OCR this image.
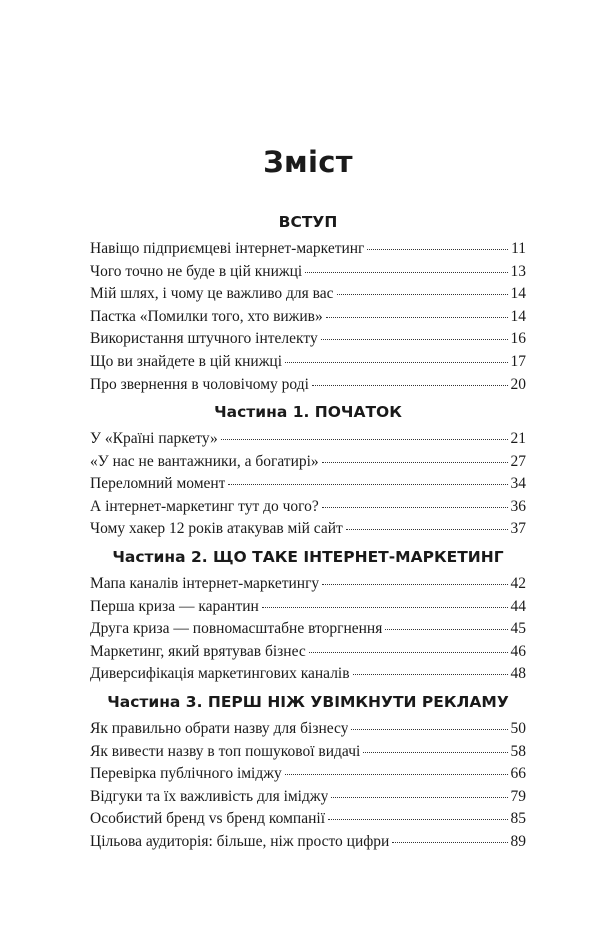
Зміст
ВСТУП
Навіщо підприємцеві інтернет-маркетинг	11
Чого точно не буде в цій книжці	13
Мій шлях, і чому це важливо для вас	14
Пастка «Помилки того, хто вижив»	14
Використання штучного інтелекту	16
Що ви знайдете в цій книжці	17
Про звернення в чоловічому роді	20
Частина 1. ПОЧАТОК
У «Країні паркету»	21
«У нас не вантажники, а богатирі»	27
Переломний момент	34
А інтернет-маркетинг тут до чого?	36
Чому хакер 12 років атакував мій сайт	37
Частина 2. ЩО ТАКЕ ІНТЕРНЕТ-МАРКЕТИНГ
Мапа каналів інтернет-маркетингу	42
Перша криза — карантин	44
Друга криза — повномасштабне вторгнення	45
Маркетинг, який врятував бізнес	46
Диверсифікація маркетингових каналів	48
Частина 3. ПЕРШ НІЖ УВІМКНУТИ РЕКЛАМУ
Як правильно обрати назву для бізнесу	50
Як вивести назву в топ пошукової видачі	58
Перевірка публічного іміджу	66
Відгуки та їх важливість для іміджу	79
Особистий бренд vs бренд компанії	85
Цільова аудиторія: більше, ніж просто цифри	89
